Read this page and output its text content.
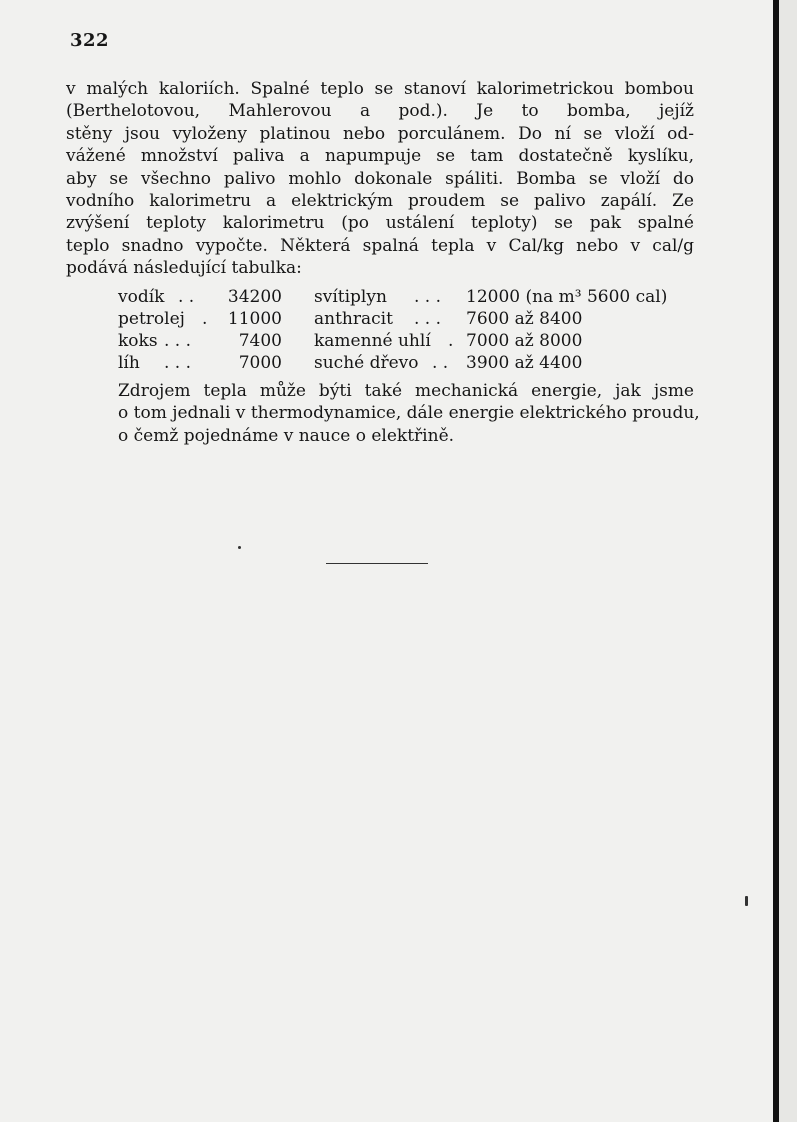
322
v malých kaloriích. Spalné teplo se stanoví kalorimetrickou bombou
(Berthelotovou, Mahlerovou a pod.). Je to bomba, jejíž
stěny jsou vyloženy platinou nebo porculánem. Do ní se vloží od-
vážené množství paliva a napumpuje se tam dostatečně kyslíku,
aby se všechno palivo mohlo dokonale spáliti. Bomba se vloží do
vodního kalorimetru a elektrickým proudem se palivo zapálí. Ze
zvýšení teploty kalorimetru (po ustálení teploty) se pak spalné
teplo snadno vypočte. Některá spalná tepla v Cal/kg nebo v cal/g
podává následující tabulka:
vodík . .	34200 svítiplyn . . . 12000 (na m³ 5600 cal)
petrolej .	11000 anthracit . . . 7600 až 8400
koks . . .	7400 kamenné uhlí . 7000 až 8000
líh . . .	7000 suché dřevo . . 3900 až 4400
Zdrojem tepla může býti také mechanická energie, jak jsme
o tom jednali v thermodynamice, dále energie elektrického proudu,
o čemž pojednáme v nauce o elektřině.
